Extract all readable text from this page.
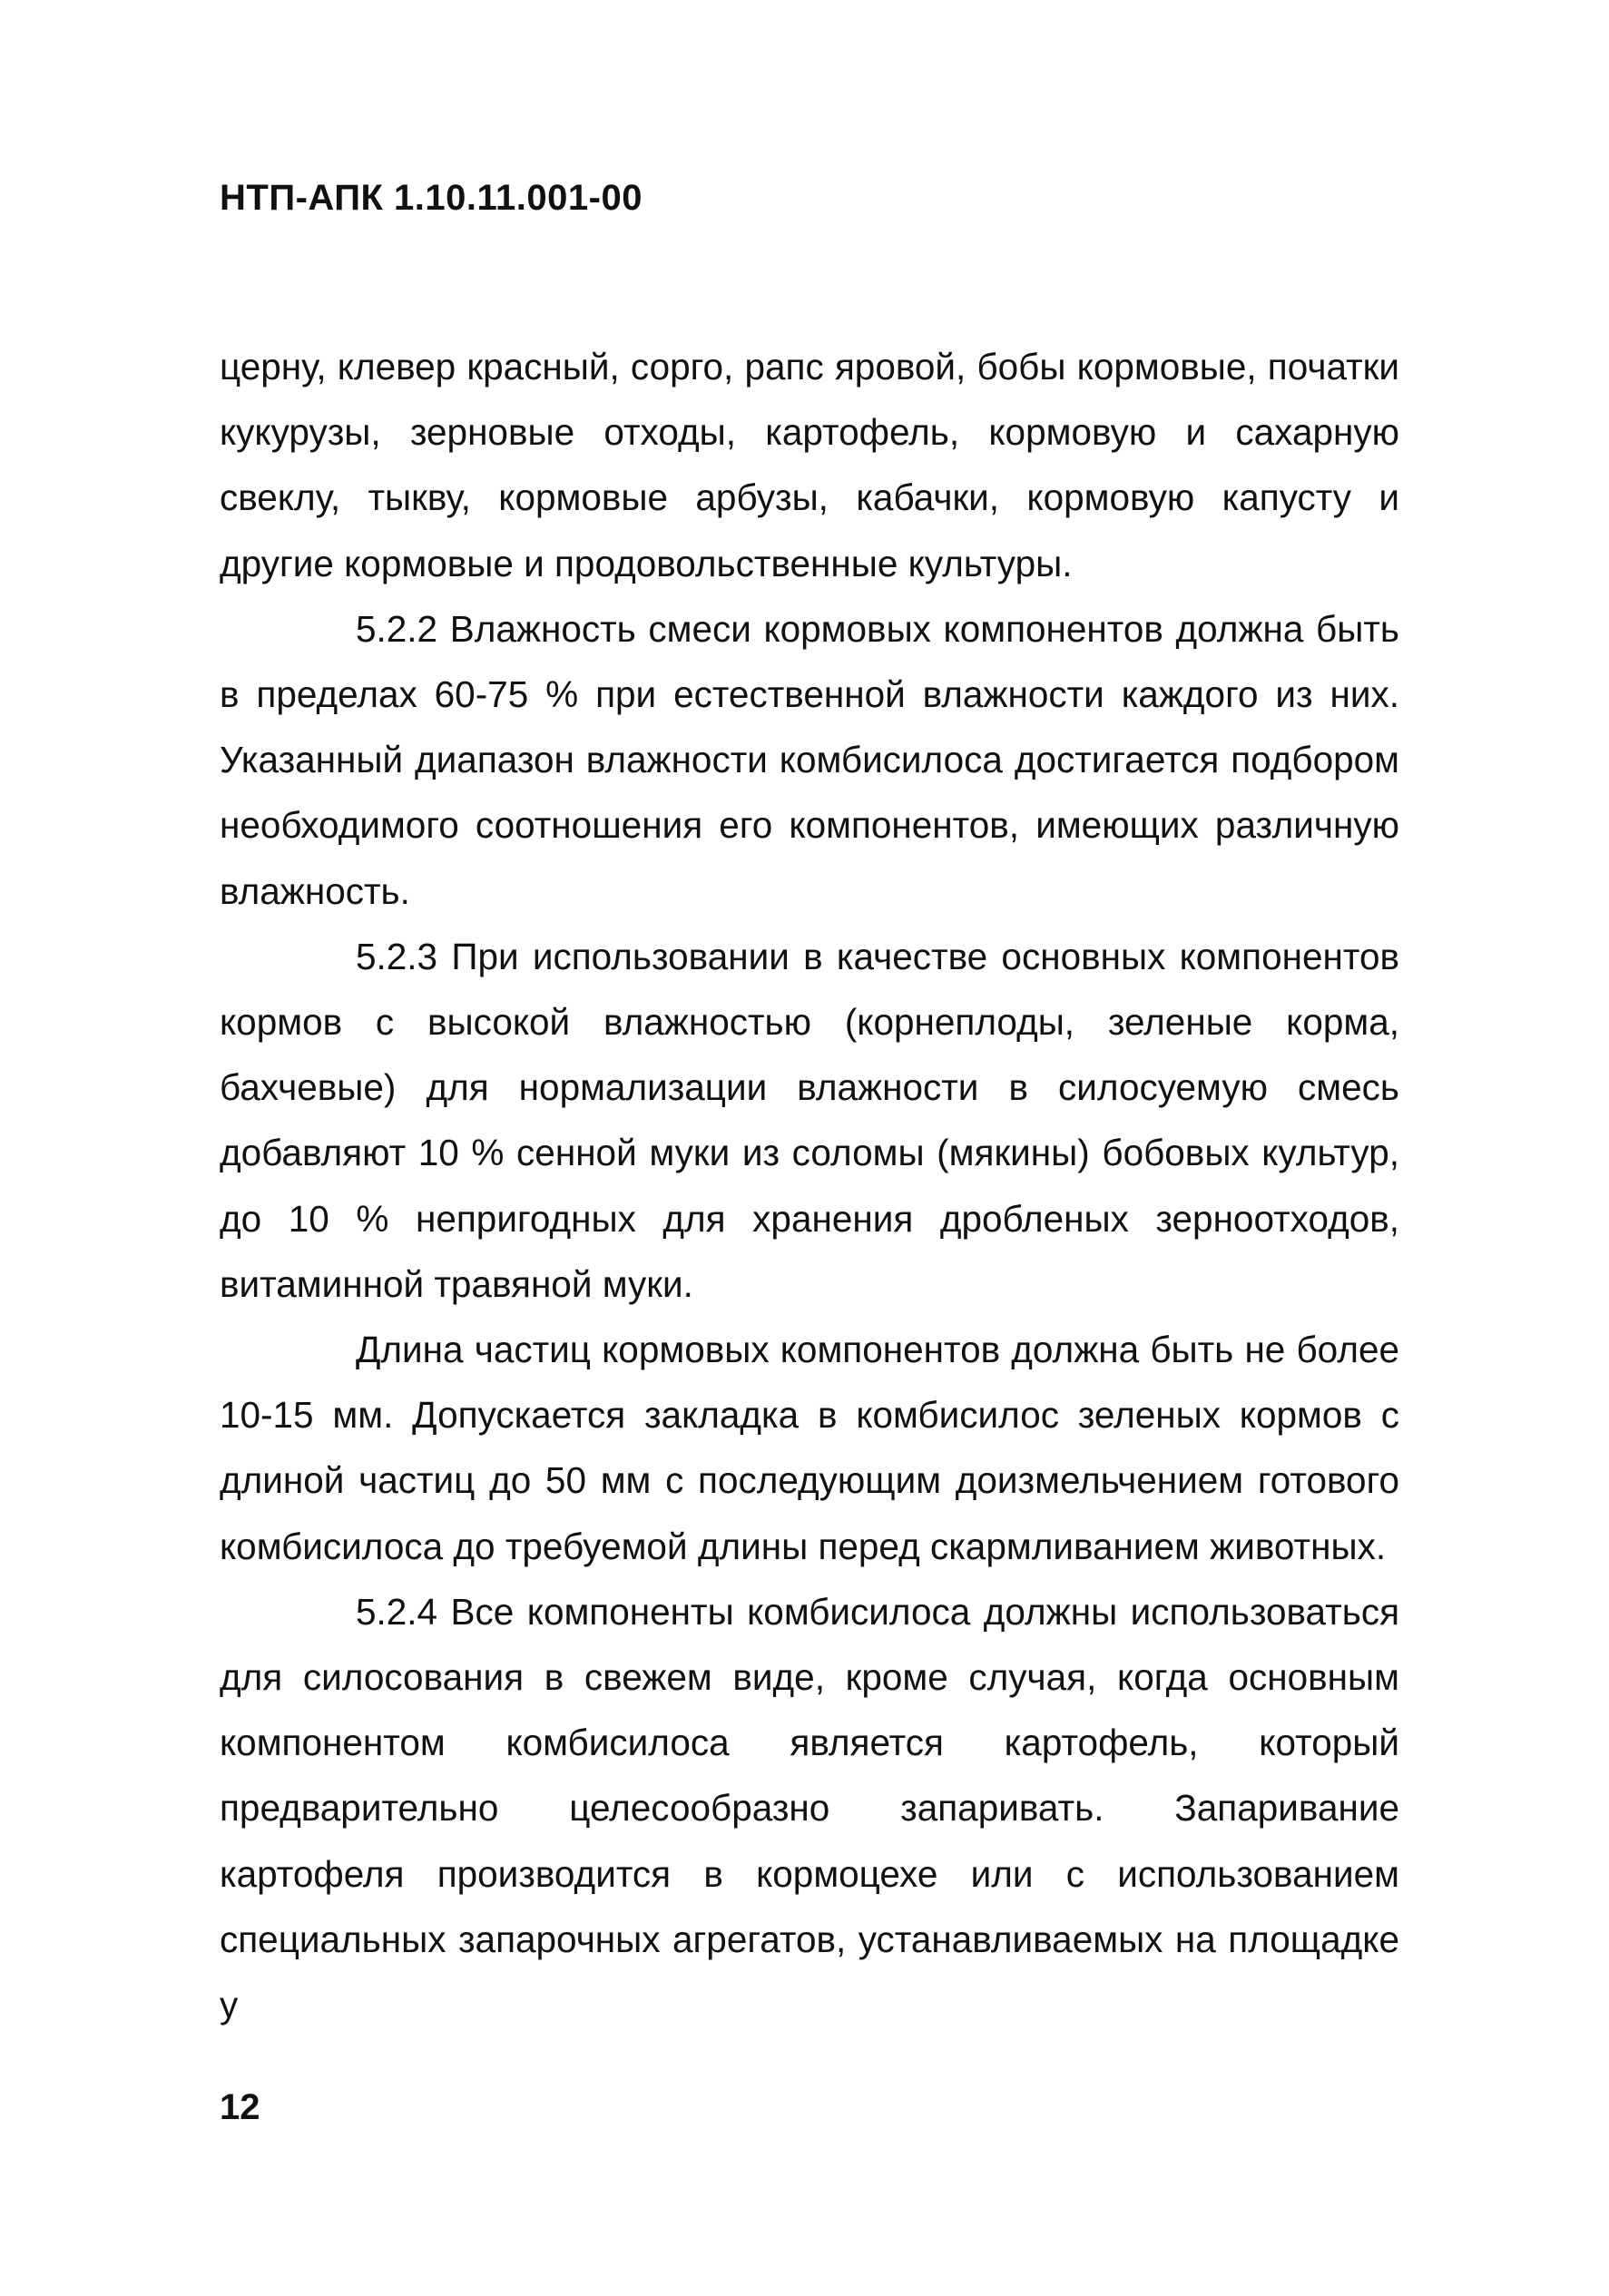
НТП-АПК 1.10.11.001-00

церну, клевер красный, сорго, рапс яровой, бобы кормовые, початки кукурузы, зерновые отходы, картофель, кормовую и сахарную свеклу, тыкву, кормовые арбузы, кабачки, кормовую капусту и другие кормовые и продовольственные культуры.

5.2.2 Влажность смеси кормовых компонентов должна быть в пределах 60-75 % при естественной влажности каждого из них. Указанный диапазон влажности комбисилоса достигается подбором необходимого соотношения его компонентов, имеющих различную влажность.

5.2.3 При использовании в качестве основных компонентов кормов с высокой влажностью (корнеплоды, зеленые корма, бахчевые) для нормализации влажности в силосуемую смесь добавляют 10 % сенной муки из соломы (мякины) бобовых культур, до 10 % непригодных для хранения дробленых зерноотходов, витаминной травяной муки.

Длина частиц кормовых компонентов должна быть не более 10-15 мм. Допускается закладка в комбисилос зеленых кормов с длиной частиц до 50 мм с последующим доизмельчением готового комбисилоса до требуемой длины перед скармливанием животных.

5.2.4 Все компоненты комбисилоса должны использоваться для силосования в свежем виде, кроме случая, когда основным компонентом комбисилоса является картофель, который предварительно целесообразно запаривать. Запаривание картофеля производится в кормоцехе или с использованием специальных запарочных агрегатов, устанавливаемых на площадке у

12
